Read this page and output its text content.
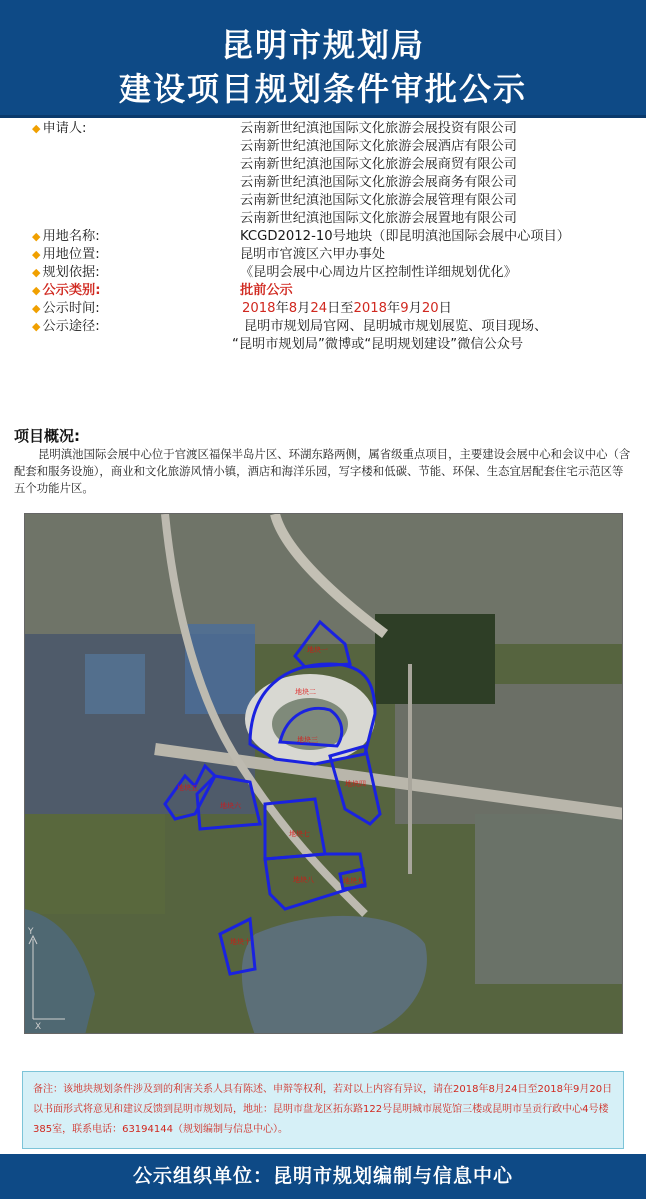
昆明市规划局
建设项目规划条件审批公示
◆ 申请人:	云南新世纪滇池国际文化旅游会展投资有限公司
云南新世纪滇池国际文化旅游会展酒店有限公司
云南新世纪滇池国际文化旅游会展商贸有限公司
云南新世纪滇池国际文化旅游会展商务有限公司
云南新世纪滇池国际文化旅游会展管理有限公司
云南新世纪滇池国际文化旅游会展置地有限公司
◆ 用地名称:	KCGD2012-10号地块（即昆明滇池国际会展中心项目）
◆ 用地位置:	昆明市官渡区六甲办事处
◆ 规划依据:	《昆明会展中心周边片区控制性详细规划优化》
◆ 公示类别:	批前公示
◆ 公示时间:	2018年8月24日至2018年9月20日
◆ 公示途径:	昆明市规划局官网、昆明城市规划展览、项目现场、
“昆明市规划局”微博或“昆明规划建设”微信公众号
项目概况:
昆明滇池国际会展中心位于官渡区福保半岛片区、环湖东路两侧，属省级重点项目，主要建设会展中心和会议中心（含配套和服务设施），商业和文化旅游风情小镇，酒店和海洋乐园，写字楼和低碳、节能、环保、生态宜居配套住宅示范区等五个功能片区。
地块一
地块二
地块三
地块四
地块五
地块六
地块七
地块八	地块九
地块十
Y
X
备注：该地块规划条件涉及到的利害关系人具有陈述、申辩等权利，若对以上内容有异议，请在2018年8月24日至2018年9月20日以书面形式将意见和建议反馈到昆明市规划局，地址：昆明市盘龙区拓东路122号昆明城市展览馆三楼或昆明市呈贡行政中心4号楼385室，联系电话：63194144（规划编制与信息中心）。
公示组织单位：昆明市规划编制与信息中心
